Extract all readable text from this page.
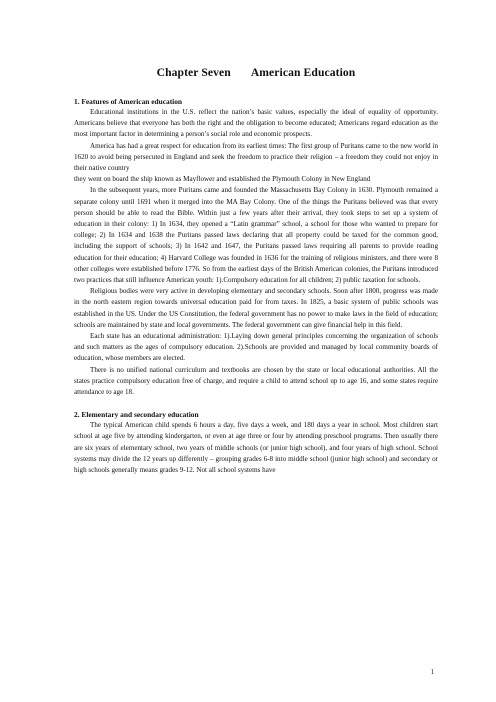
Chapter Seven American Education
1. Features of American education

Educational institutions in the U.S. reflect the nation’s basic values, especially the ideal of equality of opportunity. Americans believe that everyone has both the right and the obligation to become educated; Americans regard education as the most important factor in determining a person’s social role and economic prospects.

America has had a great respect for education from its earliest times: The first group of Puritans came to the new world in 1620 to avoid being persecuted in England and seek the freedom to practice their religion – a freedom they could not enjoy in their native country

they went on board the ship known as Mayflower and established the Plymouth Colony in New England

In the subsequent years, more Puritans came and founded the Massachusetts Bay Colony in 1630. Plymouth remained a separate colony until 1691 when it merged into the MA Bay Colony. One of the things the Puritans believed was that every person should be able to read the Bible. Within just a few years after their arrival, they took steps to set up a system of education in their colony: 1) In 1634, they opened a “Latin grammar” school, a school for those who wanted to prepare for college; 2) In 1634 and 1638 the Puritans passed laws declaring that all property could be taxed for the common good, including the support of schools; 3) In 1642 and 1647, the Puritans passed laws requiring all parents to provide reading education for their education; 4) Harvard College was founded in 1636 for the training of religious ministers, and there were 8 other colleges were established before 1776. So from the earliest days of the British American colonies, the Puritans introduced two practices that still influence American youth: 1).Compulsory education for all children; 2) public taxation for schools.

Religious bodies were very active in developing elementary and secondary schools. Soon after 1800, progress was made in the north eastern region towards universal education paid for from taxes. In 1825, a basic system of public schools was established in the US. Under the US Constitution, the federal government has no power to make laws in the field of education; schools are maintained by state and local governments. The federal government can give financial help in this field.

Each state has an educational administration: 1).Laying down general principles concerning the organization of schools and such matters as the ages of compulsory education. 2).Schools are provided and managed by local community boards of education, whose members are elected.

There is no unified national curriculum and textbooks are chosen by the state or local educational authorities. All the states practice compulsory education free of charge, and require a child to attend school up to age 16, and some states require attendance to age 18.

2. Elementary and secondary education

The typical American child spends 6 hours a day, five days a week, and 180 days a year in school. Most children start school at age five by attending kindergarten, or even at age three or four by attending preschool programs. Then usually there are six years of elementary school, two years of middle schools (or junior high school), and four years of high school. School systems may divide the 12 years up differently – grouping grades 6-8 into middle school (junior high school) and secondary or high schools generally means grades 9-12. Not all school systems have

1
